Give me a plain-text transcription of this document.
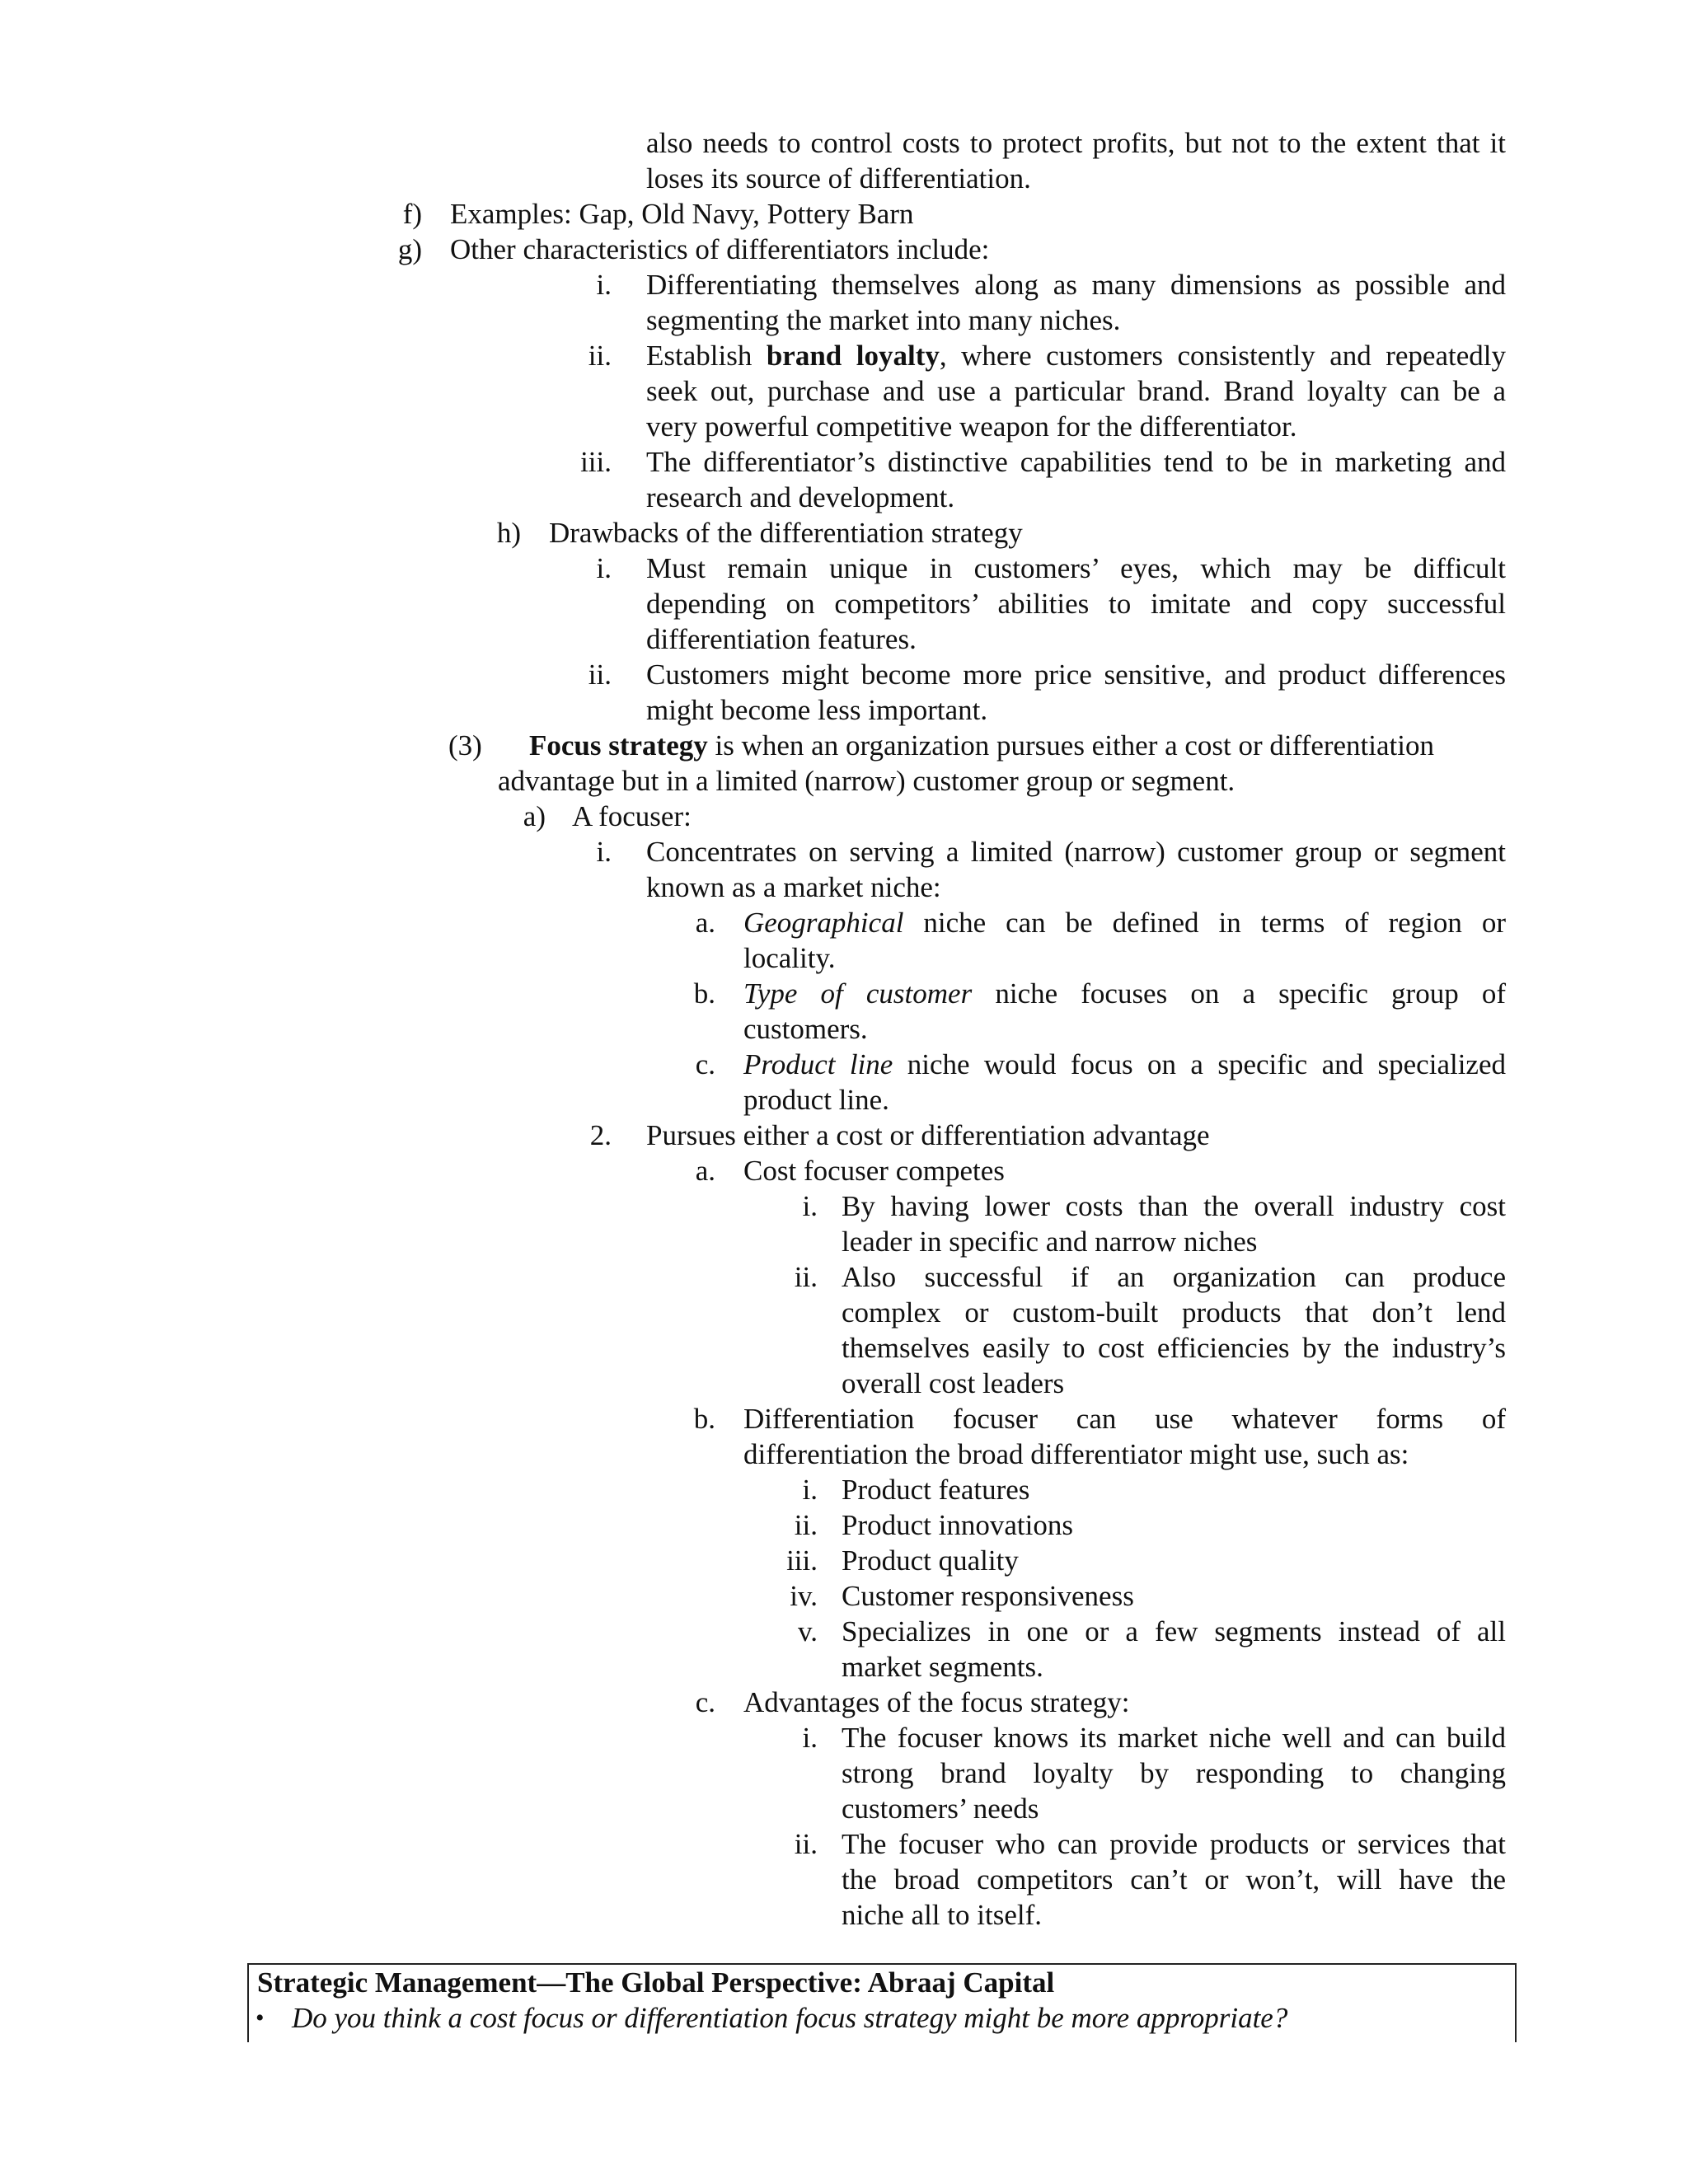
also needs to control costs to protect profits, but not to the extent that it
loses its source of differentiation.
f) Examples: Gap, Old Navy, Pottery Barn
g) Other characteristics of differentiators include:
i. Differentiating themselves along as many dimensions as possible and
segmenting the market into many niches.
ii. Establish brand loyalty, where customers consistently and repeatedly
seek out, purchase and use a particular brand. Brand loyalty can be a
very powerful competitive weapon for the differentiator.
iii. The differentiator’s distinctive capabilities tend to be in marketing and
research and development.
h) Drawbacks of the differentiation strategy
i. Must remain unique in customers’ eyes, which may be difficult
depending on competitors’ abilities to imitate and copy successful
differentiation features.
ii. Customers might become more price sensitive, and product differences
might become less important.
(3) Focus strategy is when an organization pursues either a cost or differentiation
advantage but in a limited (narrow) customer group or segment.
a) A focuser:
i. Concentrates on serving a limited (narrow) customer group or segment
known as a market niche:
a. Geographical niche can be defined in terms of region or
locality.
b. Type of customer niche focuses on a specific group of
customers.
c. Product line niche would focus on a specific and specialized
product line.
2. Pursues either a cost or differentiation advantage
a. Cost focuser competes
i. By having lower costs than the overall industry cost
leader in specific and narrow niches
ii. Also successful if an organization can produce
complex or custom-built products that don’t lend
themselves easily to cost efficiencies by the industry’s
overall cost leaders
b. Differentiation focuser can use whatever forms of
differentiation the broad differentiator might use, such as:
i. Product features
ii. Product innovations
iii. Product quality
iv. Customer responsiveness
v. Specializes in one or a few segments instead of all
market segments.
c. Advantages of the focus strategy:
i. The focuser knows its market niche well and can build
strong brand loyalty by responding to changing
customers’ needs
ii. The focuser who can provide products or services that
the broad competitors can’t or won’t, will have the
niche all to itself.
Strategic Management—The Global Perspective: Abraaj Capital
• Do you think a cost focus or differentiation focus strategy might be more appropriate?
